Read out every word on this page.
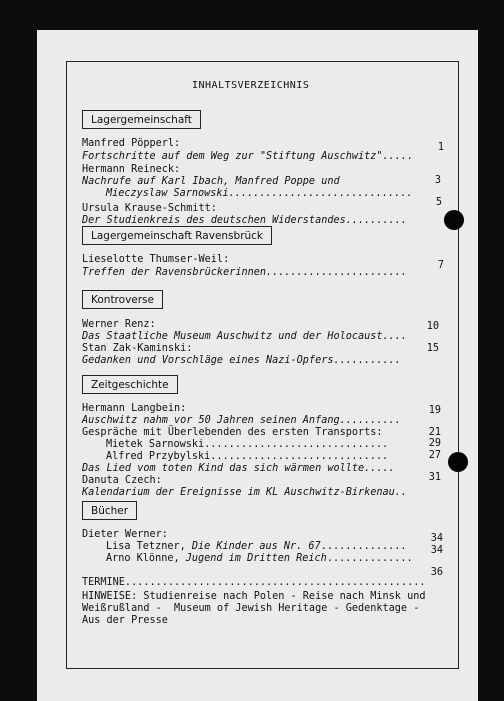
INHALTSVERZEICHNIS
Lagergemeinschaft
Manfred Pöpperl:
Fortschritte auf dem Weg zur "Stiftung Auschwitz".....
1
Hermann Reineck:
Nachrufe auf Karl Ibach, Manfred Poppe und
Mieczyslaw Sarnowski..............................
3
Ursula Krause-Schmitt:
Der Studienkreis des deutschen Widerstandes..........
5
Lagergemeinschaft Ravensbrück
Lieselotte Thumser-Weil:
Treffen der Ravensbrückerinnen.......................
7
Kontroverse
Werner Renz:
Das Staatliche Museum Auschwitz und der Holocaust....
10
Stan Zak-Kaminski:
Gedanken und Vorschläge eines Nazi-Opfers...........
15
Zeitgeschichte
Hermann Langbein:
Auschwitz nahm vor 50 Jahren seinen Anfang..........
19
Gespräche mit Überlebenden des ersten Transports:
Mietek Sarnowski..............................
21
Alfred Przybylski.............................
29
Das Lied vom toten Kind das sich wärmen wollte.....
27
Danuta Czech:
Kalendarium der Ereignisse im KL Auschwitz-Birkenau..
31
Bücher
Dieter Werner:
Lisa Tetzner, Die Kinder aus Nr. 67..............
34
Arno Klönne, Jugend im Dritten Reich..............
34
TERMINE.................................................
36
HINWEISE: Studienreise nach Polen - Reise nach Minsk und
Weißrußland -  Museum of Jewish Heritage - Gedenktage -
Aus der Presse
